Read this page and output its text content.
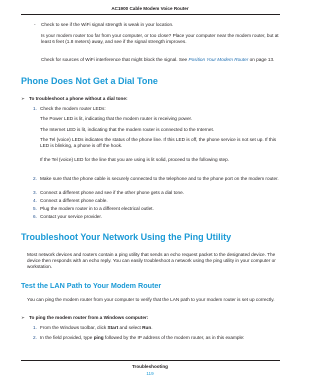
AC1900 Cable Modem Voice Router
- Check to see if the WiFi signal strength is weak in your location.
Is your modem router too far from your computer, or too close? Place your computer near the modem router, but at least 6 feet (1.8 meters) away, and see if the signal strength improves.
Check for sources of WiFi interference that might block the signal. See Position Your Modem Router on page 13.
Phone Does Not Get a Dial Tone
➢ To troubleshoot a phone without a dial tone:
1. Check the modem router LEDs:
The Power LED is lit, indicating that the modem router is receiving power.
The Internet LED is lit, indicating that the modem router is connected to the Internet.
The Tel (voice) LEDs indicates the status of the phone line. If this LED is off, the phone service is not set up. If this LED is blinking, a phone is off the hook.
If the Tel (voice) LED for the line that you are using is lit solid, proceed to the following step.
2. Make sure that the phone cable is securely connected to the telephone and to the phone port on the modem router.
3. Connect a different phone and see if the other phone gets a dial tone.
4. Connect a different phone cable.
5. Plug the modem router in to a different electrical outlet.
6. Contact your service provider.
Troubleshoot Your Network Using the Ping Utility
Most network devices and routers contain a ping utility that sends an echo request packet to the designated device. The device then responds with an echo reply. You can easily troubleshoot a network using the ping utility in your computer or workstation.
Test the LAN Path to Your Modem Router
You can ping the modem router from your computer to verify that the LAN path to your modem router is set up correctly.
➢ To ping the modem router from a Windows computer:
1. From the Windows toolbar, click Start and select Run.
2. In the field provided, type ping followed by the IP address of the modem router, as in this example:
Troubleshooting
119
